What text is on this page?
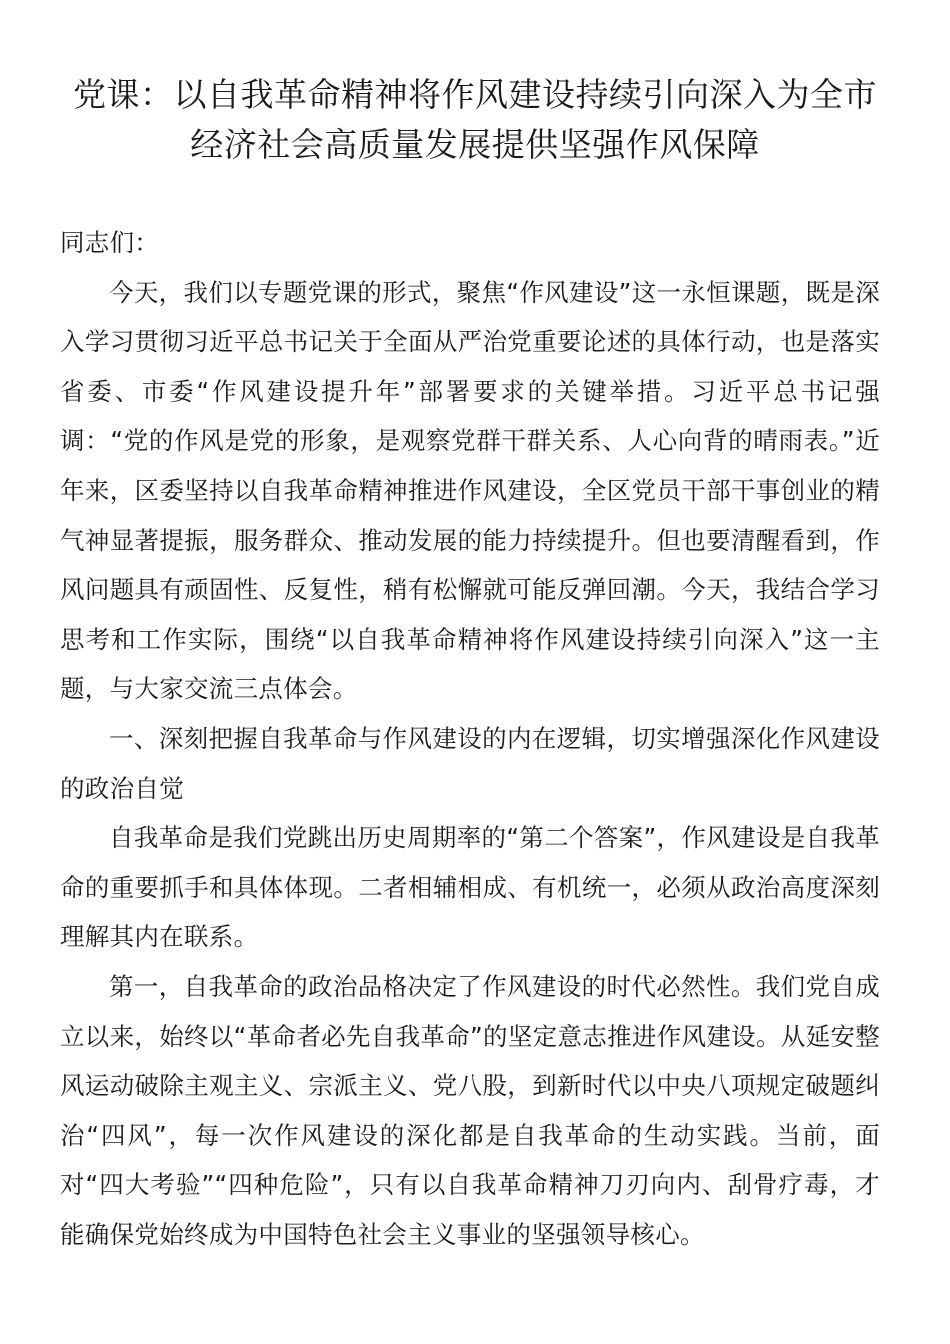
党课：以自我革命精神将作风建设持续引向深入为全市经济社会高质量发展提供坚强作风保障

同志们：

今天，我们以专题党课的形式，聚焦“作风建设”这一永恒课题，既是深入学习贯彻习近平总书记关于全面从严治党重要论述的具体行动，也是落实省委、市委“作风建设提升年”部署要求的关键举措。习近平总书记强调：“党的作风是党的形象，是观察党群干群关系、人心向背的晴雨表。”近年来，区委坚持以自我革命精神推进作风建设，全区党员干部干事创业的精气神显著提振，服务群众、推动发展的能力持续提升。但也要清醒看到，作风问题具有顽固性、反复性，稍有松懈就可能反弹回潮。今天，我结合学习思考和工作实际，围绕“以自我革命精神将作风建设持续引向深入”这一主题，与大家交流三点体会。

一、深刻把握自我革命与作风建设的内在逻辑，切实增强深化作风建设的政治自觉

自我革命是我们党跳出历史周期率的“第二个答案”，作风建设是自我革命的重要抓手和具体体现。二者相辅相成、有机统一，必须从政治高度深刻理解其内在联系。

第一，自我革命的政治品格决定了作风建设的时代必然性。我们党自成立以来，始终以“革命者必先自我革命”的坚定意志推进作风建设。从延安整风运动破除主观主义、宗派主义、党八股，到新时代以中央八项规定破题纠治“四风”，每一次作风建设的深化都是自我革命的生动实践。当前，面对“四大考验”“四种危险”，只有以自我革命精神刀刃向内、刮骨疗毒，才能确保党始终成为中国特色社会主义事业的坚强领导核心。
